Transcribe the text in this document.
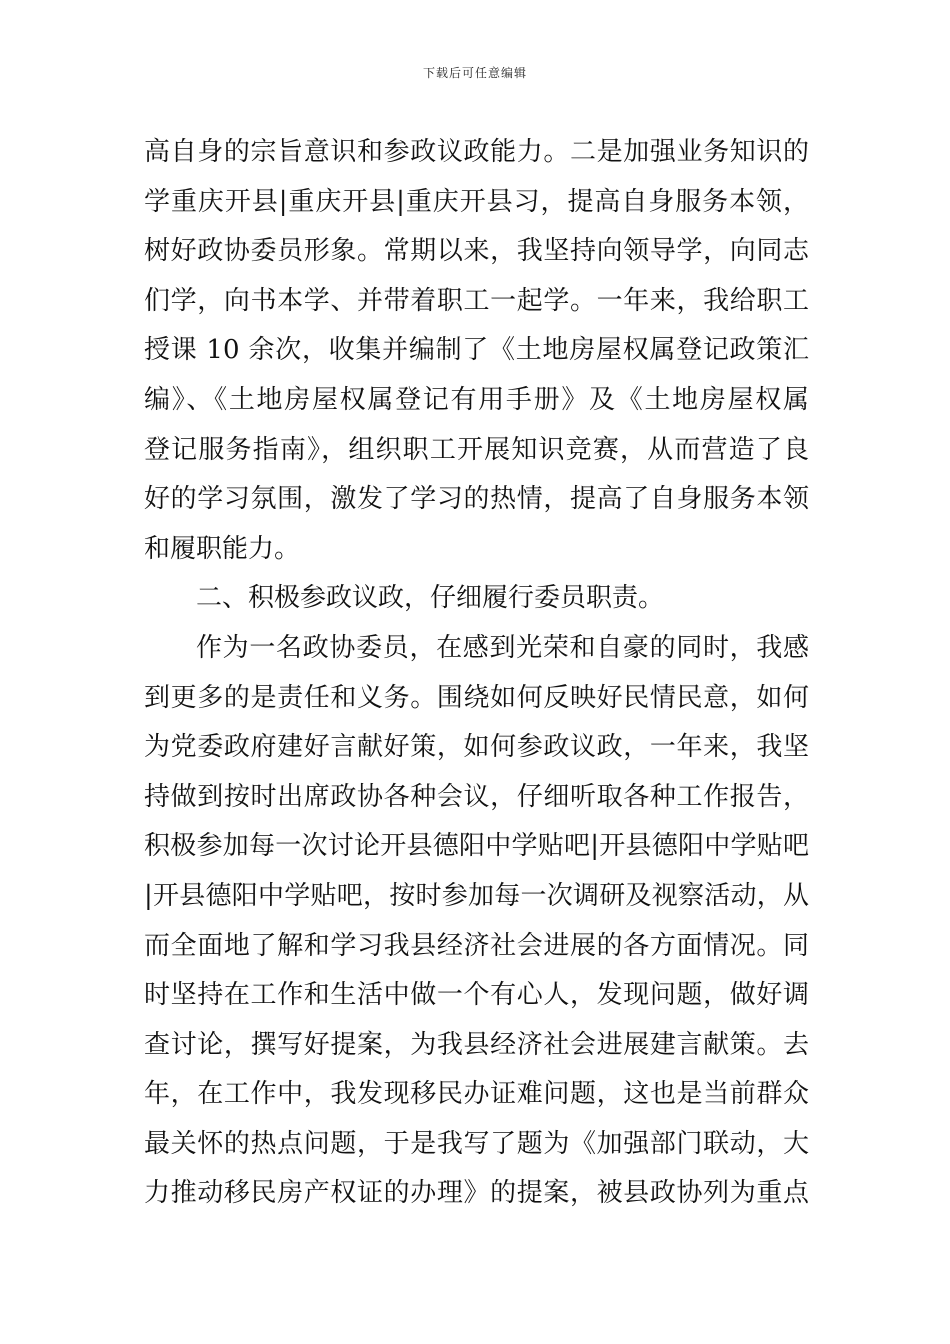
下载后可任意编辑
高自身的宗旨意识和参政议政能力。二是加强业务知识的
学重庆开县|重庆开县|重庆开县习，提高自身服务本领，
树好政协委员形象。常期以来，我坚持向领导学，向同志
们学，向书本学、并带着职工一起学。一年来，我给职工
授课 10 余次，收集并编制了《土地房屋权属登记政策汇
编》、《土地房屋权属登记有用手册》及《土地房屋权属
登记服务指南》，组织职工开展知识竞赛，从而营造了良
好的学习氛围，激发了学习的热情，提高了自身服务本领
和履职能力。
二、积极参政议政，仔细履行委员职责。
作为一名政协委员，在感到光荣和自豪的同时，我感
到更多的是责任和义务。围绕如何反映好民情民意，如何
为党委政府建好言献好策，如何参政议政，一年来，我坚
持做到按时出席政协各种会议，仔细听取各种工作报告，
积极参加每一次讨论开县德阳中学贴吧|开县德阳中学贴吧
|开县德阳中学贴吧，按时参加每一次调研及视察活动，从
而全面地了解和学习我县经济社会进展的各方面情况。同
时坚持在工作和生活中做一个有心人，发现问题，做好调
查讨论，撰写好提案，为我县经济社会进展建言献策。去
年，在工作中，我发现移民办证难问题，这也是当前群众
最关怀的热点问题，于是我写了题为《加强部门联动，大
力推动移民房产权证的办理》的提案，被县政协列为重点
